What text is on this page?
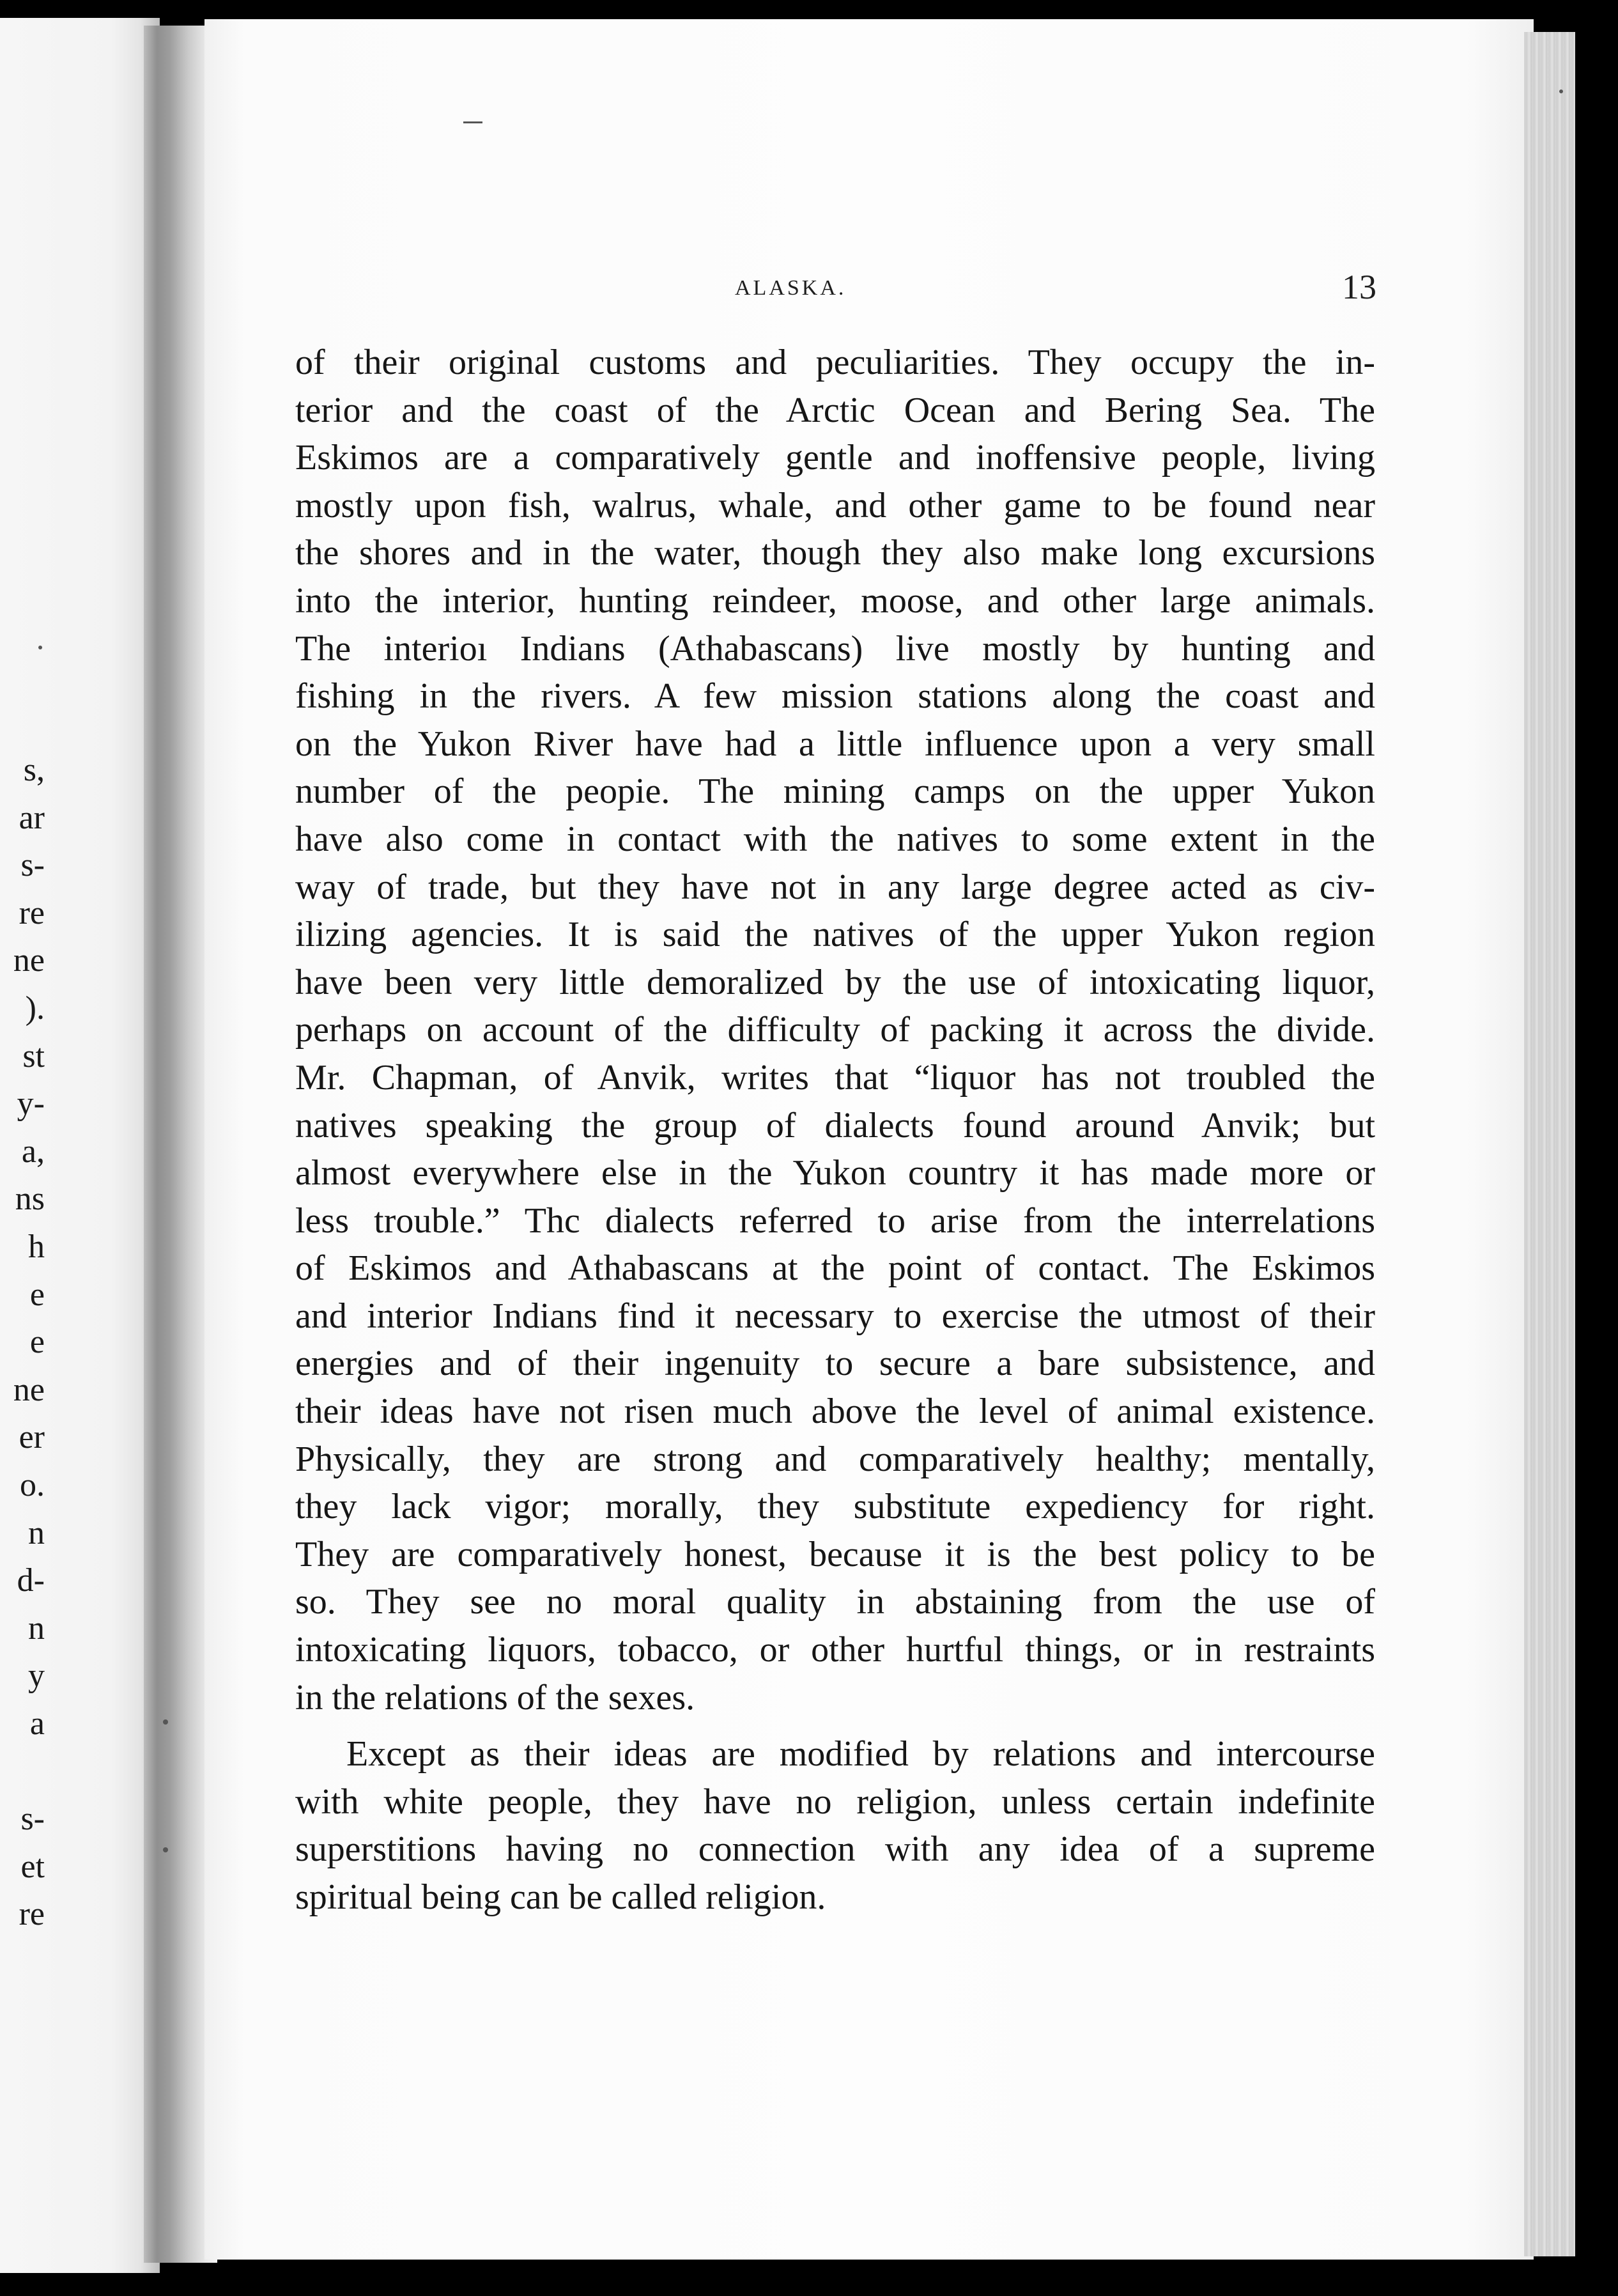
s,
ar
s-
re
ne
).
st
y-
a,
ns
h
e
e
ne
er
o.
n
d-
n
y
a
s-
et
re

ALASKA.	13

of their original customs and peculiarities. They occupy the in-
terior and the coast of the Arctic Ocean and Bering Sea. The
Eskimos are a comparatively gentle and inoffensive people, living
mostly upon fish, walrus, whale, and other game to be found near
the shores and in the water, though they also make long excursions
into the interior, hunting reindeer, moose, and other large animals.
The interioı Indians (Athabascans) live mostly by hunting and
fishing in the rivers. A few mission stations along the coast and
on the Yukon River have had a little influence upon a very small
number of the peopie. The mining camps on the upper Yukon
have also come in contact with the natives to some extent in the
way of trade, but they have not in any large degree acted as civ-
ilizing agencies. It is said the natives of the upper Yukon region
have been very little demoralized by the use of intoxicating liquor,
perhaps on account of the difficulty of packing it across the divide.
Mr. Chapman, of Anvik, writes that “liquor has not troubled the
natives speaking the group of dialects found around Anvik; but
almost everywhere else in the Yukon country it has made more or
less trouble.” Thc dialects referred to arise from the interrelations
of Eskimos and Athabascans at the point of contact. The Eskimos
and interior Indians find it necessary to exercise the utmost of their
energies and of their ingenuity to secure a bare subsistence, and
their ideas have not risen much above the level of animal existence.
Physically, they are strong and comparatively healthy; mentally,
they lack vigor; morally, they substitute expediency for right.
They are comparatively honest, because it is the best policy to be
so. They see no moral quality in abstaining from the use of
intoxicating liquors, tobacco, or other hurtful things, or in restraints
in the relations of the sexes.
Except as their ideas are modified by relations and intercourse
with white people, they have no religion, unless certain indefinite
superstitions having no connection with any idea of a supreme
spiritual being can be called religion.
